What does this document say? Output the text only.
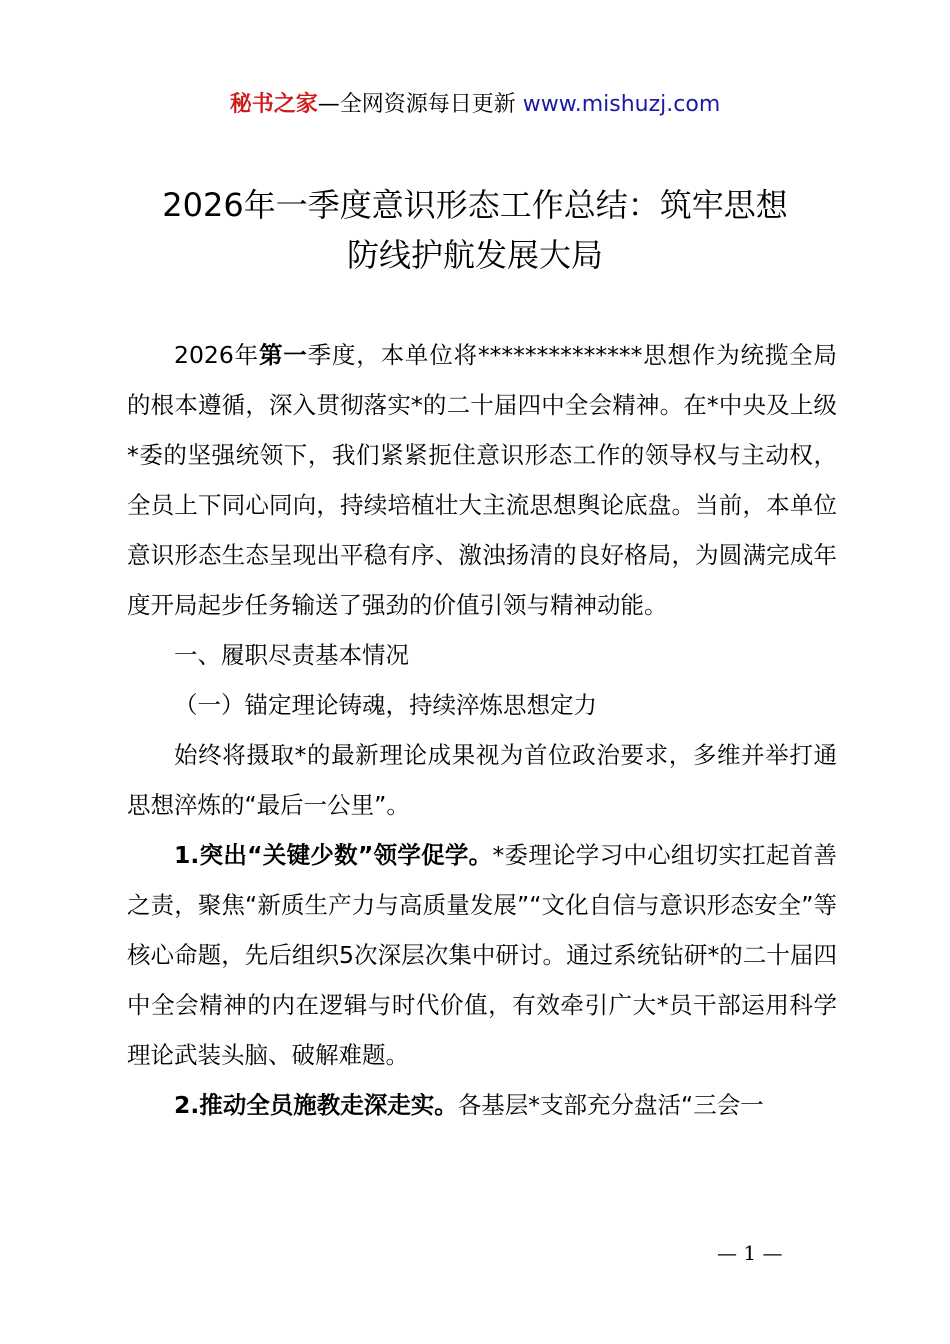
秘书之家—全网资源每日更新 www.mishuzj.com
2026年一季度意识形态工作总结：筑牢思想
防线护航发展大局

2026年第一季度，本单位将**************思想作为统揽全局的根本遵循，深入贯彻落实*的二十届四中全会精神。在*中央及上级*委的坚强统领下，我们紧紧扼住意识形态工作的领导权与主动权，全员上下同心同向，持续培植壮大主流思想舆论底盘。当前，本单位意识形态生态呈现出平稳有序、激浊扬清的良好格局，为圆满完成年度开局起步任务输送了强劲的价值引领与精神动能。

一、履职尽责基本情况

（一）锚定理论铸魂，持续淬炼思想定力

始终将摄取*的最新理论成果视为首位政治要求，多维并举打通思想淬炼的“最后一公里”。

1.突出“关键少数”领学促学。*委理论学习中心组切实扛起首善之责，聚焦“新质生产力与高质量发展”“文化自信与意识形态安全”等核心命题，先后组织5次深层次集中研讨。通过系统钻研*的二十届四中全会精神的内在逻辑与时代价值，有效牵引广大*员干部运用科学理论武装头脑、破解难题。

2.推动全员施教走深走实。各基层*支部充分盘活“三会一

— 1 —
